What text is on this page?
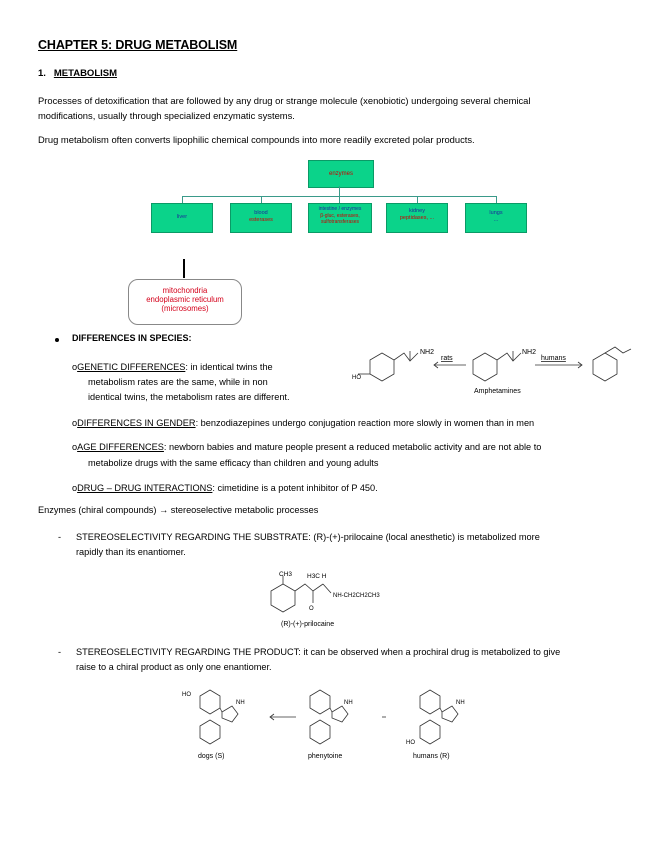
CHAPTER 5: DRUG METABOLISM
1. METABOLISM
Processes of detoxification that are followed by any drug or strange molecule (xenobiotic) undergoing several chemical
modifications, usually through specialized enzymatic systems.
Drug metabolism often converts lipophilic chemical compounds into more readily excreted polar products.
enzymes
liver
blood
esterases
intestine / enzymes
β-gluc, esterases, sulfotransferases
kidney
peptidases, ...
lungs
...
mitochondria
endoplasmic reticulum
(microsomes)
DIFFERENCES IN SPECIES:
oGENETIC DIFFERENCES: in identical twins the
metabolism rates are the same, while in non
identical twins, the metabolism rates are different.
NH2	NH2
HO
rats	humans
Amphetamines
oDIFFERENCES IN GENDER: benzodiazepines undergo conjugation reaction more slowly in women than in men
oAGE DIFFERENCES: newborn babies and mature people present a reduced metabolic activity and are not able to
metabolize drugs with the same efficacy than children and young adults
oDRUG – DRUG INTERACTIONS: cimetidine is a potent inhibitor of P 450.
Enzymes (chiral compounds) → stereoselective metabolic processes
- STEREOSELECTIVITY REGARDING THE SUBSTRATE: (R)-(+)-prilocaine (local anesthetic) is metabolized more
rapidly than its enantiomer.
CH3 H3C H
NH-CH2CH2CH3
O
(R)-(+)-prilocaine
- STEREOSELECTIVITY REGARDING THE PRODUCT: it can be observed when a prochiral drug is metabolized to give
raise to a chiral product as only one enantiomer.
HO
NH	NH	NH
HO
dogs (S)	phenytoine	humans (R)
